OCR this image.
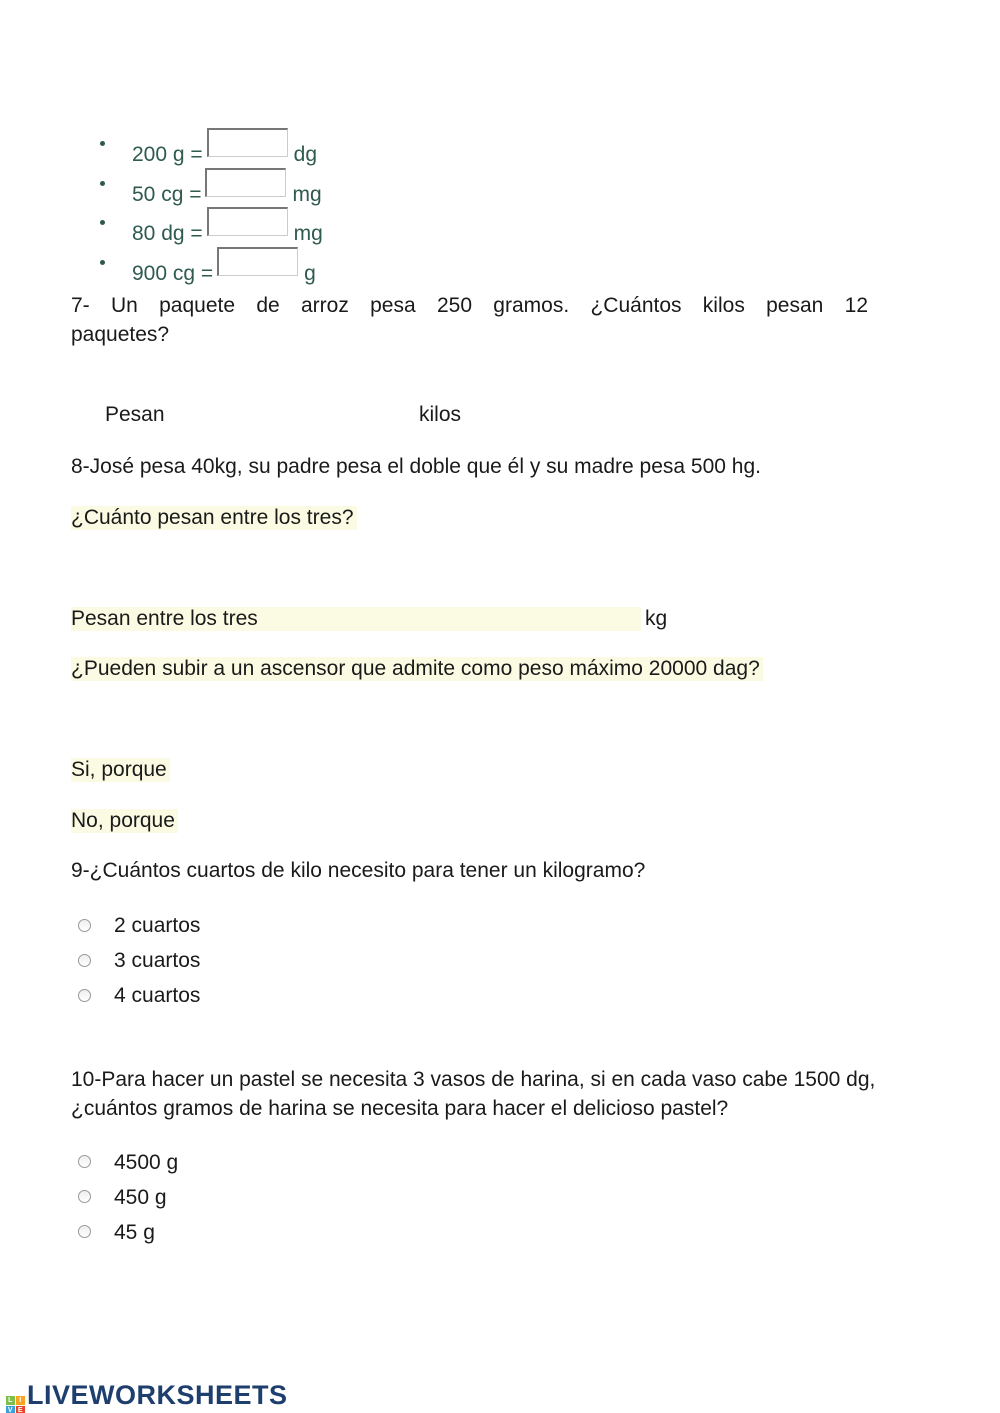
200 g =	dg
50 cg =	mg
80 dg =	mg
900 cg =	g
7- Un paquete de arroz pesa 250 gramos. ¿Cuántos kilos pesan 12
paquetes?
Pesan	kilos
8-José pesa 40kg, su padre pesa el doble que él y su madre pesa 500 hg.
¿Cuánto pesan entre los tres?
Pesan entre los tres	kg
¿Pueden subir a un ascensor que admite como peso máximo 20000 dag?
Si, porque
No, porque
9-¿Cuántos cuartos de kilo necesito para tener un kilogramo?
2 cuartos
3 cuartos
4 cuartos
10-Para hacer un pastel se necesita 3 vasos de harina, si en cada vaso cabe 1500 dg,
¿cuántos gramos de harina se necesita para hacer el delicioso pastel?
4500 g
450 g
45 g
L I
V E
LIVEWORKSHEETS
